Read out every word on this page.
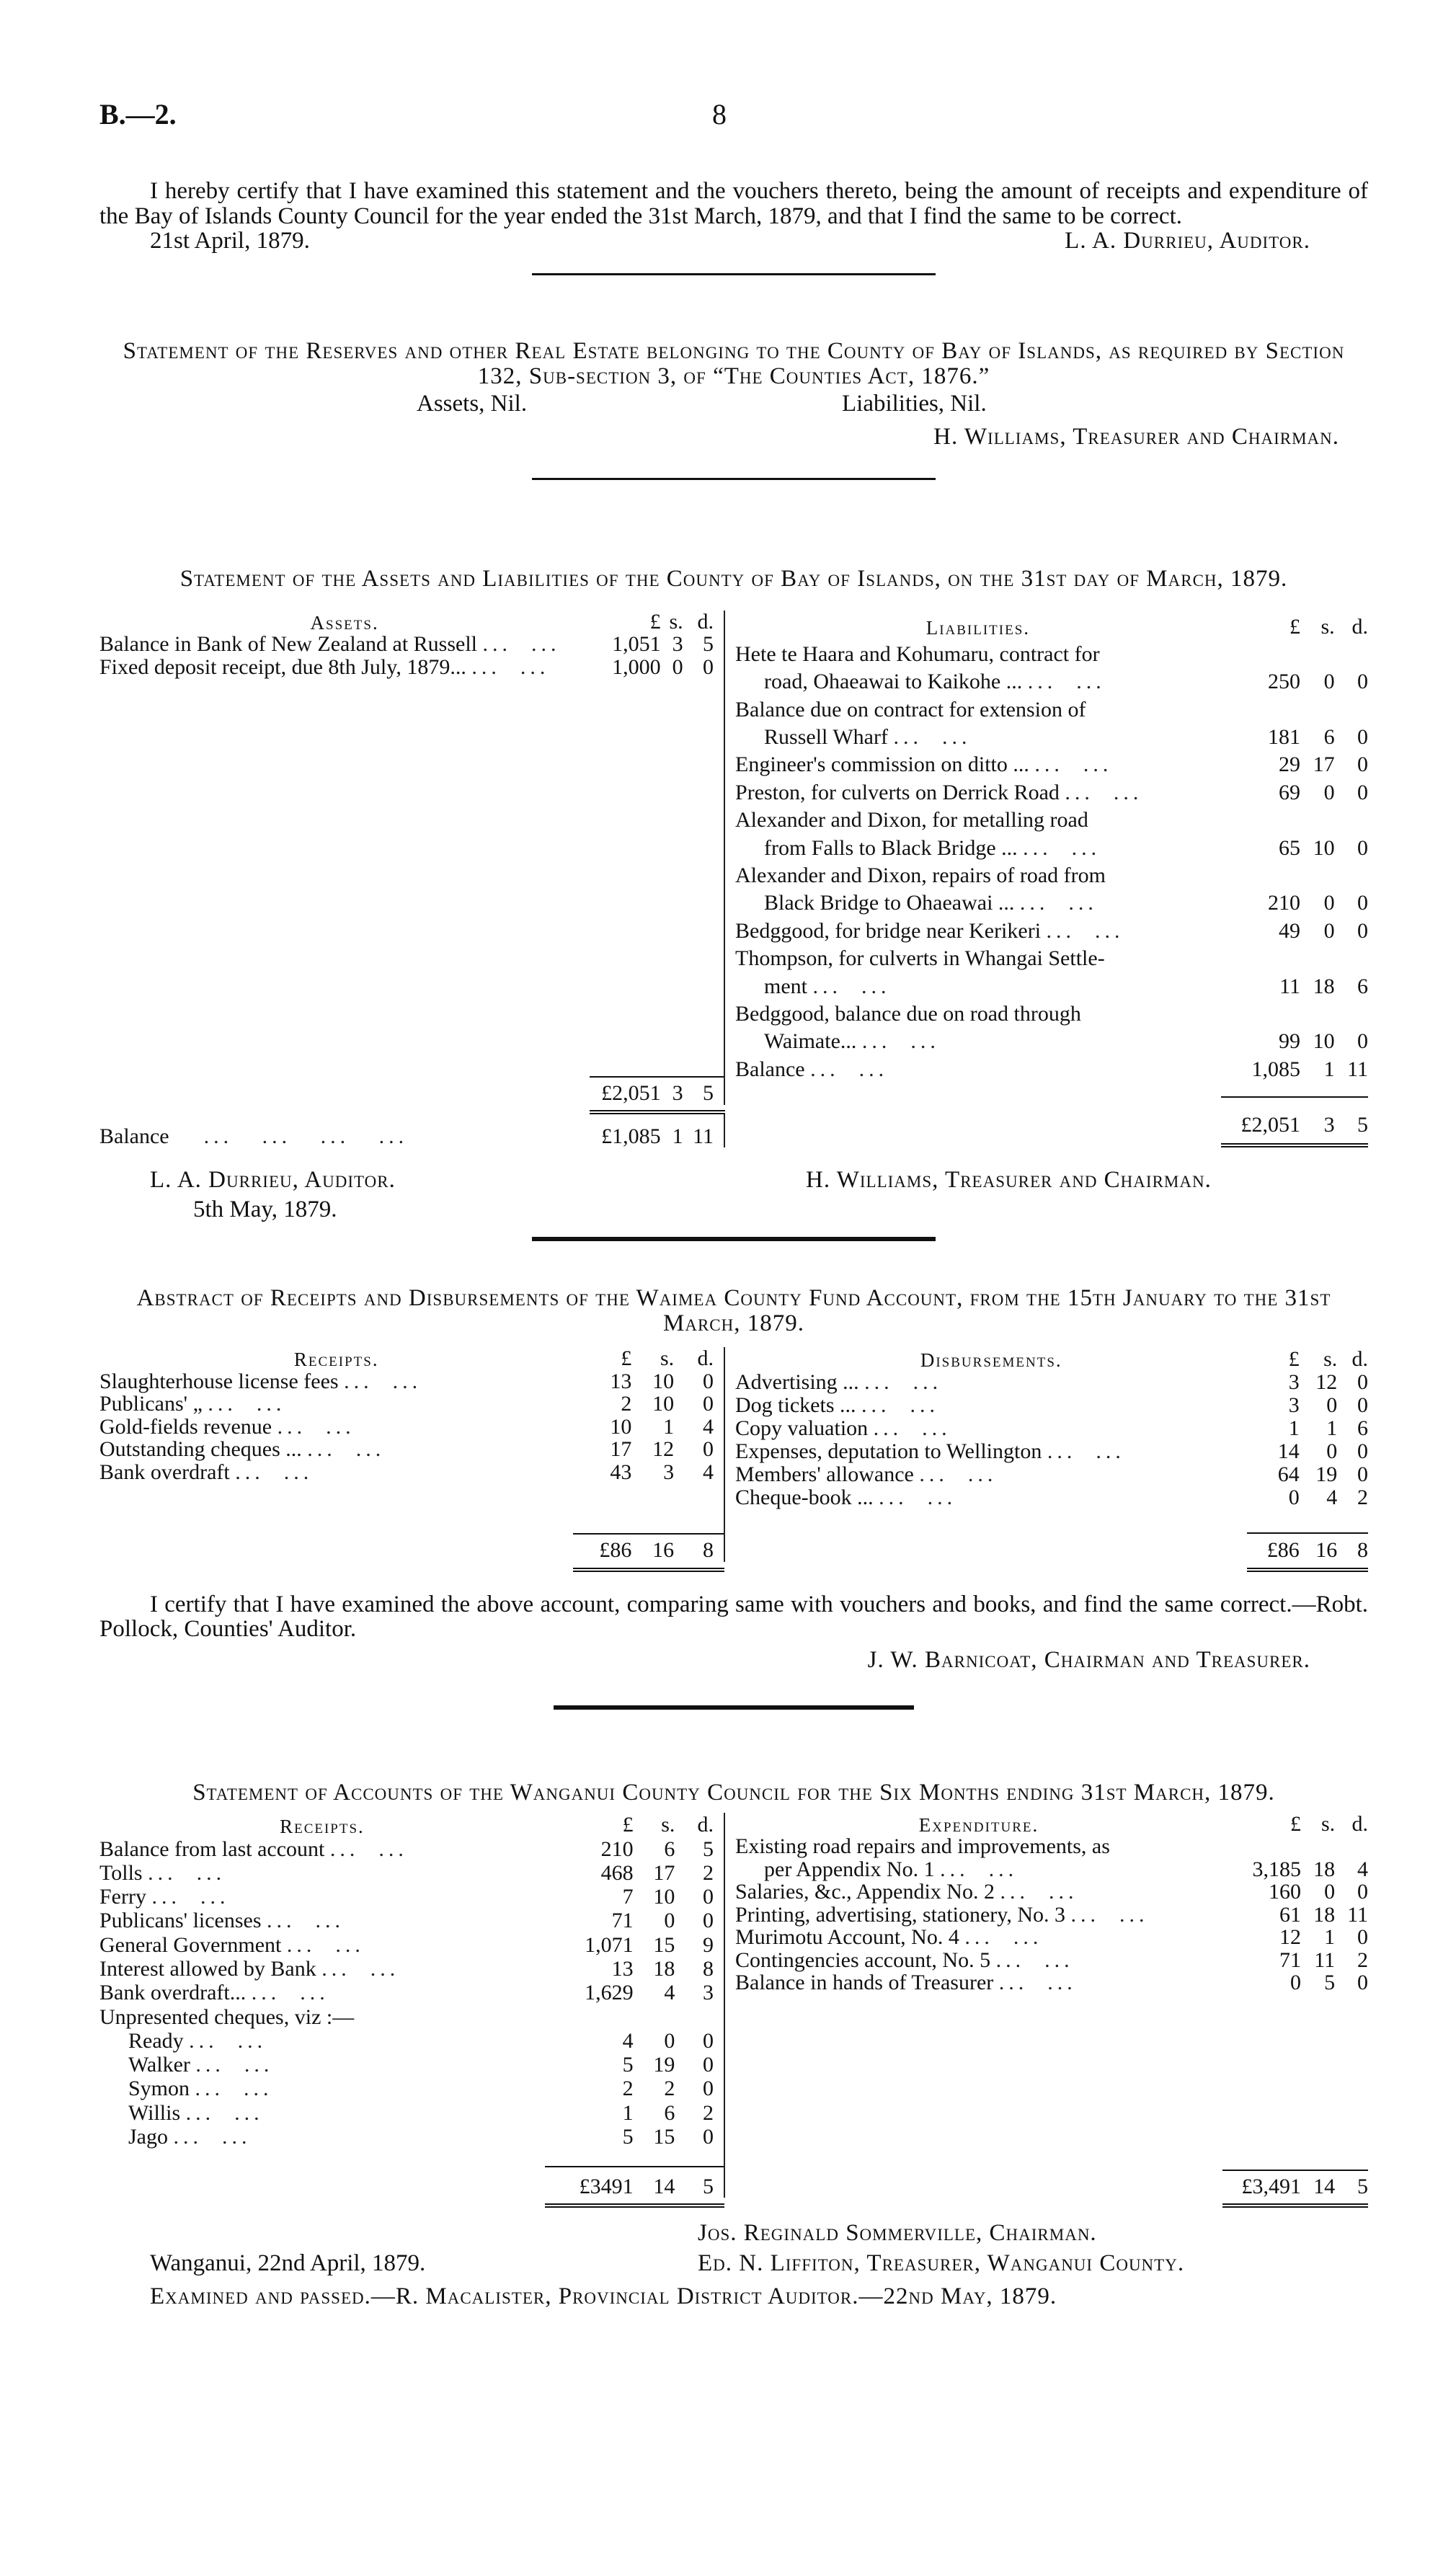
B.—2.	8

I hereby certify that I have examined this statement and the vouchers thereto, being the amount of receipts and expenditure of the Bay of Islands County Council for the year ended the 31st March, 1879, and that I find the same to be correct.

21st April, 1879.	L. A. Durrieu, Auditor.

Statement of the Reserves and other Real Estate belonging to the County of Bay of Islands, as required by Section 132, Sub-section 3, of “The Counties Act, 1876.”

Assets, Nil.	Liabilities, Nil.
H. Williams, Treasurer and Chairman.

Statement of the Assets and Liabilities of the County of Bay of Islands, on the 31st day of March, 1879.

Assets.	£	s.	d.
Balance in Bank of New Zealand at Russell ...  ...	1,051	3	5
Fixed deposit receipt, due 8th July, 1879... ...  ...	1,000	0	0

	£2,051	3	5

Balance    ...   ...   ...   ...	£1,085	1	11
Liabilities.	£	s.	d.
Hete te Haara and Kohumaru, contract for			
road, Ohaeawai to Kaikohe ... ...  ...	250	0	0
Balance due on contract for extension of			
Russell Wharf ...  ...	181	6	0
Engineer's commission on ditto ... ...  ...	29	17	0
Preston, for culverts on Derrick Road ...  ...	69	0	0
Alexander and Dixon, for metalling road			
from Falls to Black Bridge ... ...  ...	65	10	0
Alexander and Dixon, repairs of road from			
Black Bridge to Ohaeawai ... ...  ...	210	0	0
Bedggood, for bridge near Kerikeri ...  ...	49	0	0
Thompson, for culverts in Whangai Settle-			
ment ...  ...	11	18	6
Bedggood, balance due on road through			
Waimate... ...  ...	99	10	0
Balance ...  ...	1,085	1	11

	£2,051	3	5

L. A. Durrieu, Auditor.
5th May, 1879.
H. Williams, Treasurer and Chairman.

Abstract of Receipts and Disbursements of the Waimea County Fund Account, from the 15th January to the 31st March, 1879.

Receipts.	£	s.	d.
Slaughterhouse license fees ...  ...	13	10	0
Publicans' „ ...  ...	2	10	0
Gold-fields revenue ...  ...	10	1	4
Outstanding cheques ... ...  ...	17	12	0
Bank overdraft ...  ...	43	3	4

	£86	16	8

Disbursements.	£	s.	d.
Advertising ... ...  ...	3	12	0
Dog tickets ... ...  ...	3	0	0
Copy valuation ...  ...	1	1	6
Expenses, deputation to Wellington ...  ...	14	0	0
Members' allowance ...  ...	64	19	0
Cheque-book ... ...  ...	0	4	2

	£86	16	8

I certify that I have examined the above account, comparing same with vouchers and books, and find the same correct.—Robt. Pollock, Counties' Auditor.

J. W. Barnicoat, Chairman and Treasurer.

Statement of Accounts of the Wanganui County Council for the Six Months ending 31st March, 1879.

Receipts.	£	s.	d.
Balance from last account ...  ...	210	6	5
Tolls ...  ...	468	17	2
Ferry ...  ...	7	10	0
Publicans' licenses ...  ...	71	0	0
General Government ...  ...	1,071	15	9
Interest allowed by Bank ...  ...	13	18	8
Bank overdraft... ...  ...	1,629	4	3
Unpresented cheques, viz :—			
Ready ...  ...	4	0	0
Walker ...  ...	5	19	0
Symon ...  ...	2	2	0
Willis ...  ...	1	6	2
Jago ...  ...	5	15	0

	£3491	14	5

Expenditure.	£	s.	d.
Existing road repairs and improvements, as			
per Appendix No. 1 ...  ...	3,185	18	4
Salaries, &c., Appendix No. 2 ...  ...	160	0	0
Printing, advertising, stationery, No. 3 ...  ...	61	18	11
Murimotu Account, No. 4 ...  ...	12	1	0
Contingencies account, No. 5 ...  ...	71	11	2
Balance in hands of Treasurer ...  ...	0	5	0

	£3,491	14	5

Jos. Reginald Sommerville, Chairman.
Wanganui, 22nd April, 1879.	Ed. N. Liffiton, Treasurer, Wanganui County.
Examined and passed.—R. Macalister, Provincial District Auditor.—22nd May, 1879.
